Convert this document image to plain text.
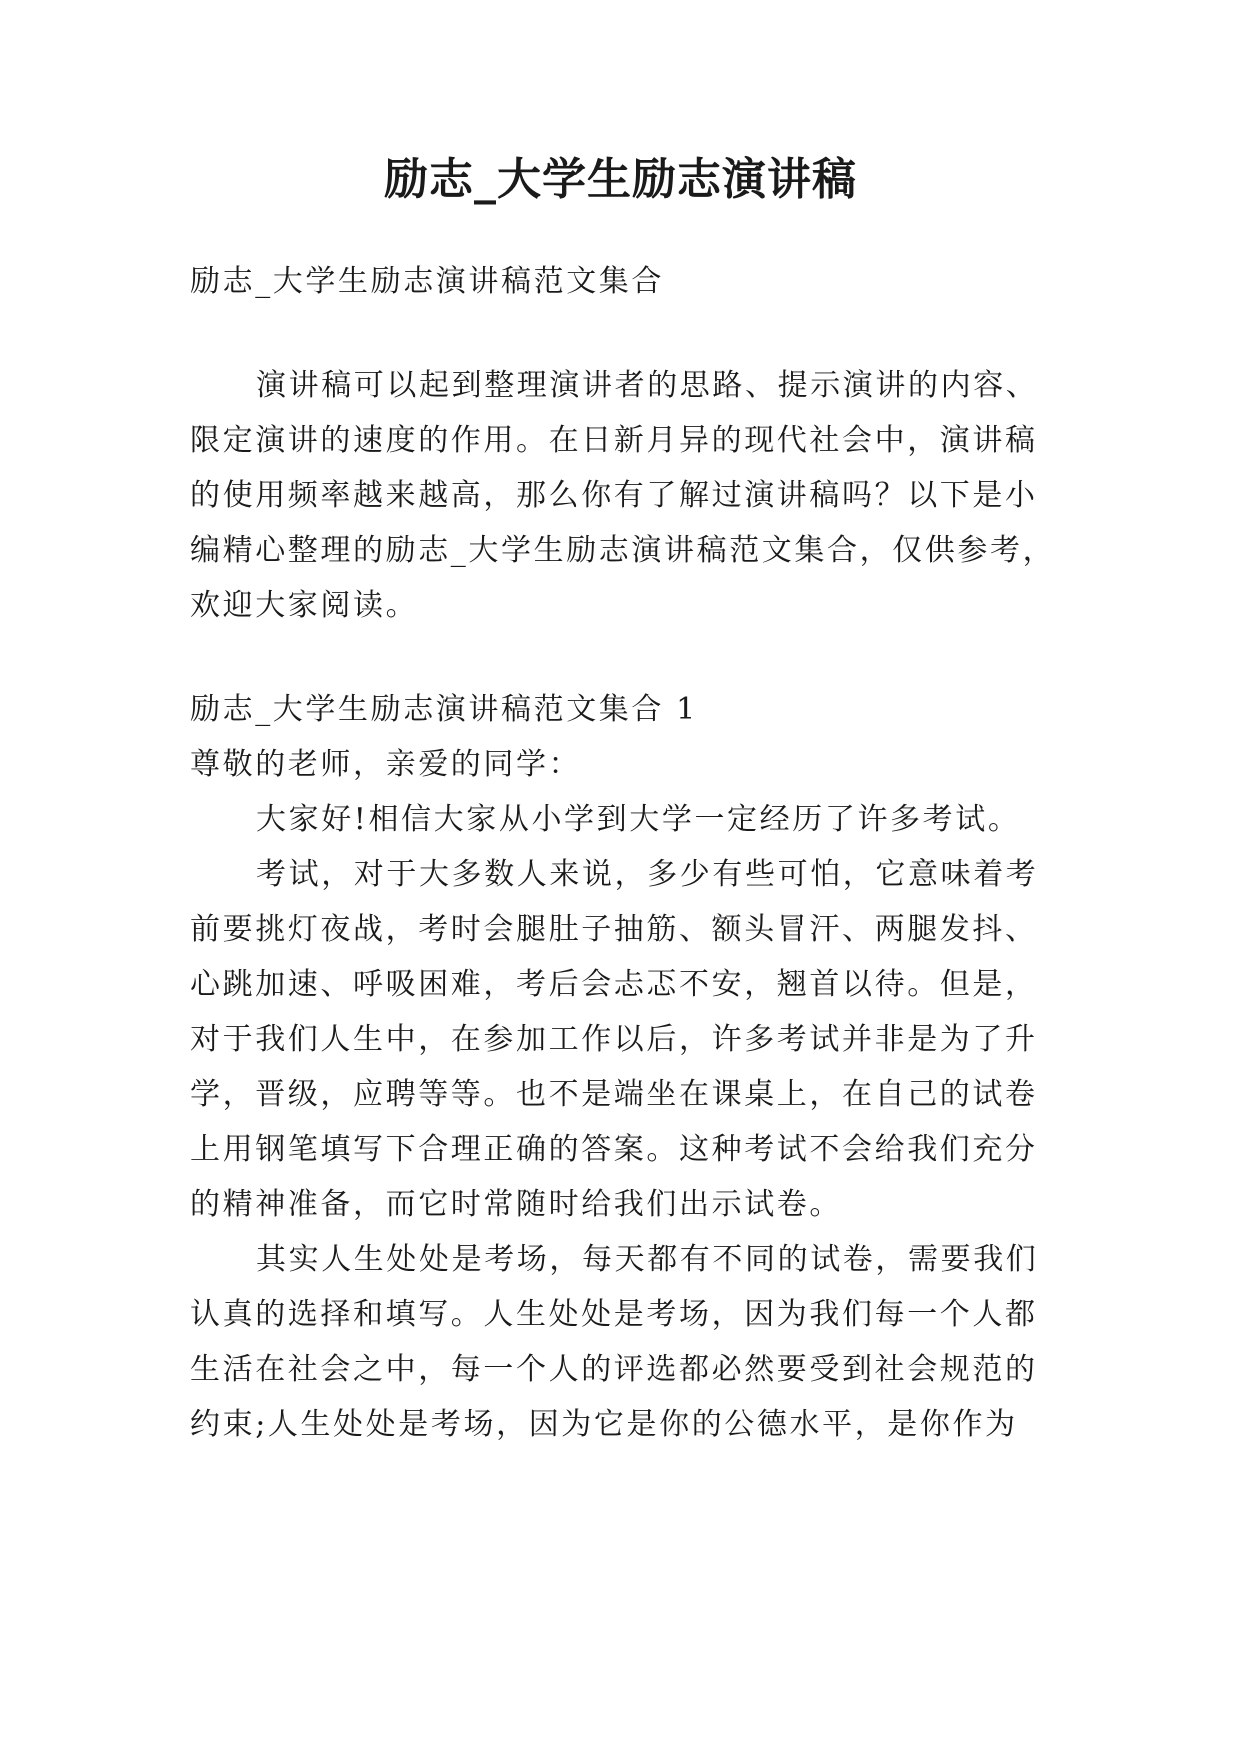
励志_大学生励志演讲稿
励志_大学生励志演讲稿范文集合
演讲稿可以起到整理演讲者的思路、提示演讲的内容、
限定演讲的速度的作用。在日新月异的现代社会中，演讲稿
的使用频率越来越高，那么你有了解过演讲稿吗？以下是小
编精心整理的励志_大学生励志演讲稿范文集合，仅供参考，
欢迎大家阅读。
励志_大学生励志演讲稿范文集合 1
尊敬的老师，亲爱的同学：
大家好!相信大家从小学到大学一定经历了许多考试。
考试，对于大多数人来说，多少有些可怕，它意味着考
前要挑灯夜战，考时会腿肚子抽筋、额头冒汗、两腿发抖、
心跳加速、呼吸困难，考后会忐忑不安，翘首以待。但是，
对于我们人生中，在参加工作以后，许多考试并非是为了升
学，晋级，应聘等等。也不是端坐在课桌上，在自己的试卷
上用钢笔填写下合理正确的答案。这种考试不会给我们充分
的精神准备，而它时常随时给我们出示试卷。
其实人生处处是考场，每天都有不同的试卷，需要我们
认真的选择和填写。人生处处是考场，因为我们每一个人都
生活在社会之中，每一个人的评选都必然要受到社会规范的
约束;人生处处是考场，因为它是你的公德水平，是你作为
